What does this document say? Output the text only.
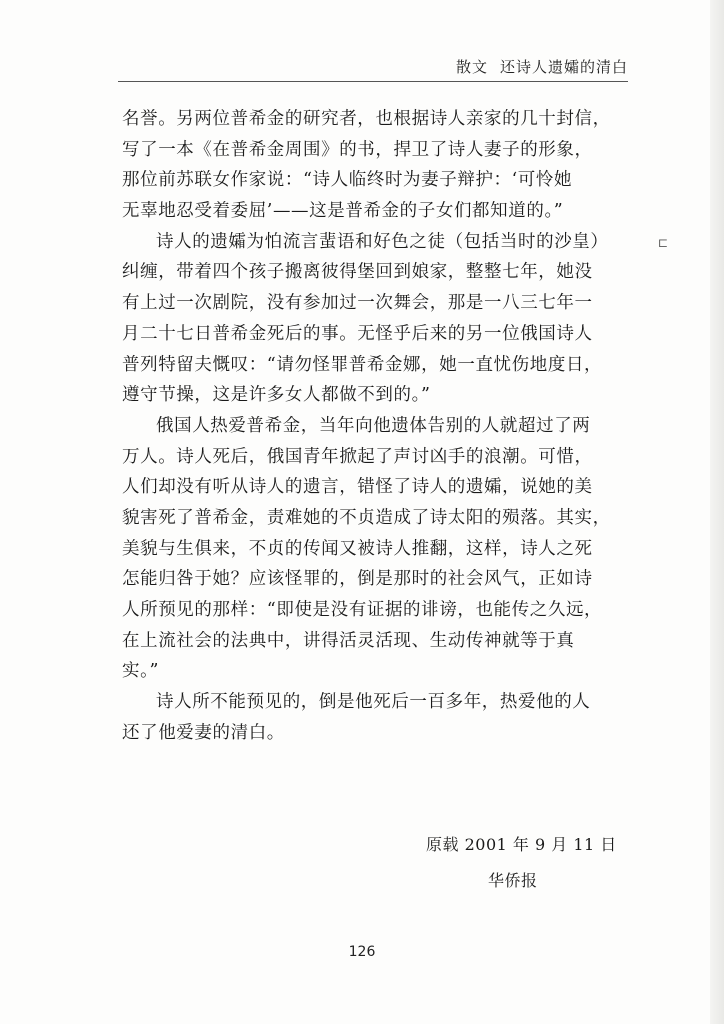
散文 还诗人遗孀的清白
名誉。另两位普希金的研究者，也根据诗人亲家的几十封信，
写了一本《在普希金周围》的书，捍卫了诗人妻子的形象，
那位前苏联女作家说：“诗人临终时为妻子辩护：‘可怜她
无辜地忍受着委屈’——这是普希金的子女们都知道的。”
诗人的遗孀为怕流言蜚语和好色之徒（包括当时的沙皇）
纠缠，带着四个孩子搬离彼得堡回到娘家，整整七年，她没
有上过一次剧院，没有参加过一次舞会，那是一八三七年一
月二十七日普希金死后的事。无怪乎后来的另一位俄国诗人
普列特留夫慨叹：“请勿怪罪普希金娜，她一直忧伤地度日，
遵守节操，这是许多女人都做不到的。”
俄国人热爱普希金，当年向他遗体告别的人就超过了两
万人。诗人死后，俄国青年掀起了声讨凶手的浪潮。可惜，
人们却没有听从诗人的遗言，错怪了诗人的遗孀，说她的美
貌害死了普希金，责难她的不贞造成了诗太阳的殒落。其实，
美貌与生俱来，不贞的传闻又被诗人推翻，这样，诗人之死
怎能归咎于她？应该怪罪的，倒是那时的社会风气，正如诗
人所预见的那样：“即使是没有证据的诽谤，也能传之久远，
在上流社会的法典中，讲得活灵活现、生动传神就等于真
实。”
诗人所不能预见的，倒是他死后一百多年，热爱他的人
还了他爱妻的清白。
原载 2001 年 9 月 11 日
华侨报
126
⊏
